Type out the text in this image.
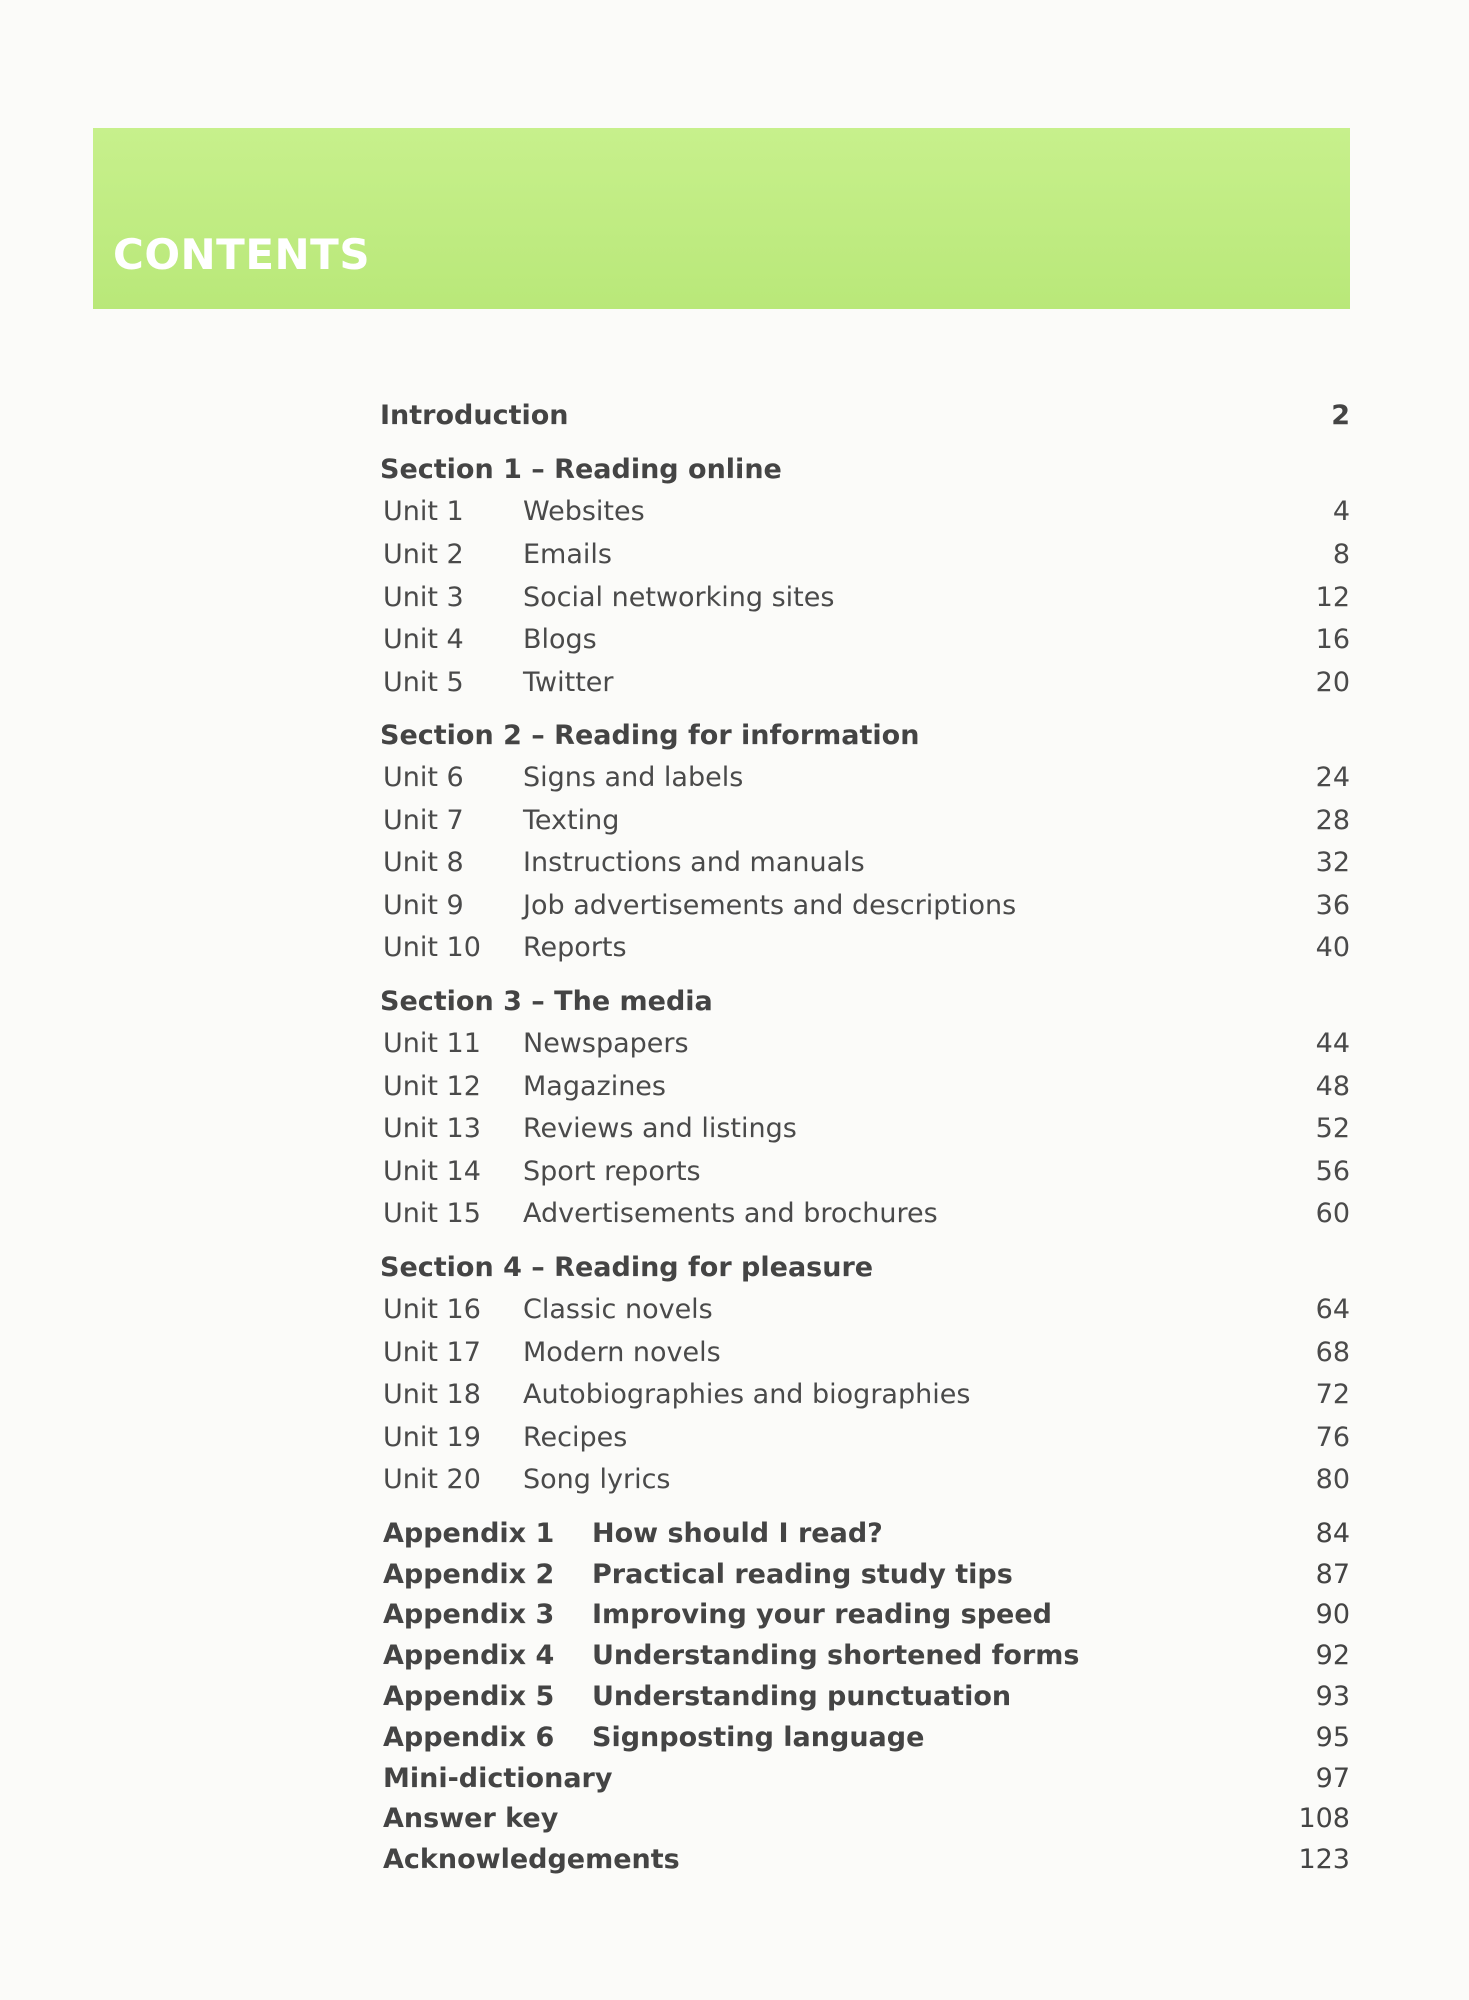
CONTENTS
Introduction	2
Section 1 – Reading online
Unit 1 Websites	4
Unit 2 Emails	8
Unit 3 Social networking sites	12
Unit 4 Blogs	16
Unit 5 Twitter	20
Section 2 – Reading for information
Unit 6 Signs and labels	24
Unit 7 Texting	28
Unit 8 Instructions and manuals	32
Unit 9 Job advertisements and descriptions	36
Unit 10 Reports	40
Section 3 – The media
Unit 11 Newspapers	44
Unit 12 Magazines	48
Unit 13 Reviews and listings	52
Unit 14 Sport reports	56
Unit 15 Advertisements and brochures	60
Section 4 – Reading for pleasure
Unit 16 Classic novels	64
Unit 17 Modern novels	68
Unit 18 Autobiographies and biographies	72
Unit 19 Recipes	76
Unit 20 Song lyrics	80
Appendix 1 How should I read?	84
Appendix 2 Practical reading study tips	87
Appendix 3 Improving your reading speed	90
Appendix 4 Understanding shortened forms	92
Appendix 5 Understanding punctuation	93
Appendix 6 Signposting language	95
Mini-dictionary	97
Answer key	108
Acknowledgements	123
